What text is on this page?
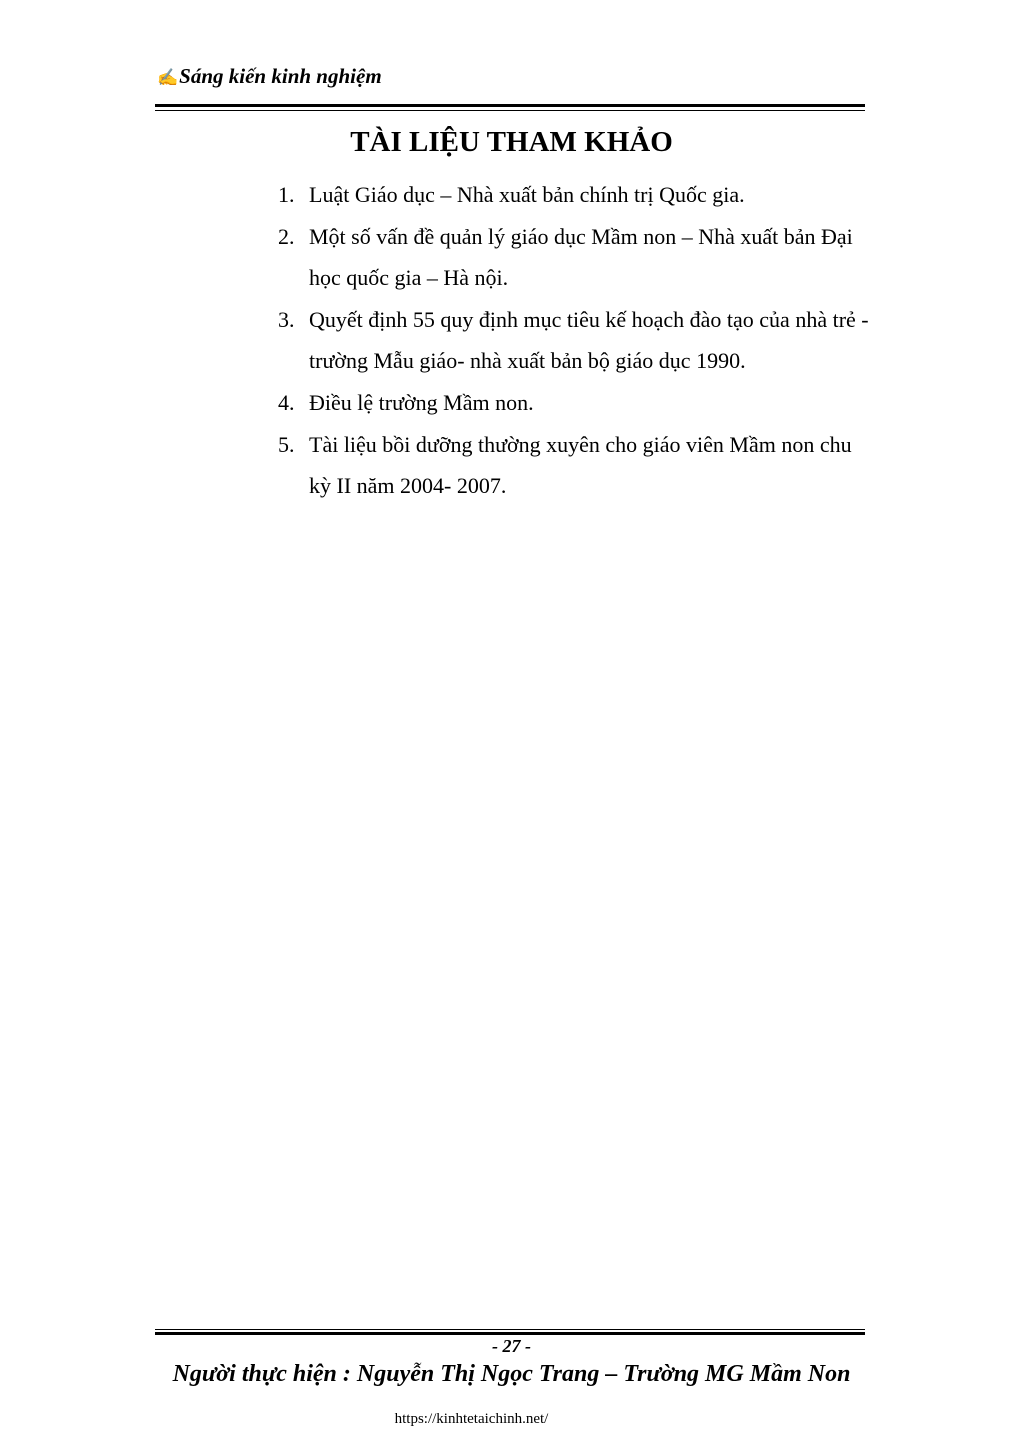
✍Sáng kiến kinh nghiệm
TÀI LIỆU THAM KHẢO
1. Luật Giáo dục – Nhà xuất bản chính trị Quốc gia.
2. Một số vấn đề quản lý giáo dục Mầm non – Nhà xuất bản Đại học quốc gia – Hà nội.
3. Quyết định 55 quy định mục tiêu kế hoạch đào tạo của nhà trẻ - trường Mẫu giáo- nhà xuất bản bộ giáo dục 1990.
4. Điều lệ trường Mầm non.
5. Tài liệu bồi dưỡng thường xuyên cho giáo viên Mầm non chu kỳ II năm 2004- 2007.
- 27 -
Người thực hiện : Nguyễn Thị Ngọc Trang – Trường MG Mầm Non
https://kinhtetaichinh.net/
